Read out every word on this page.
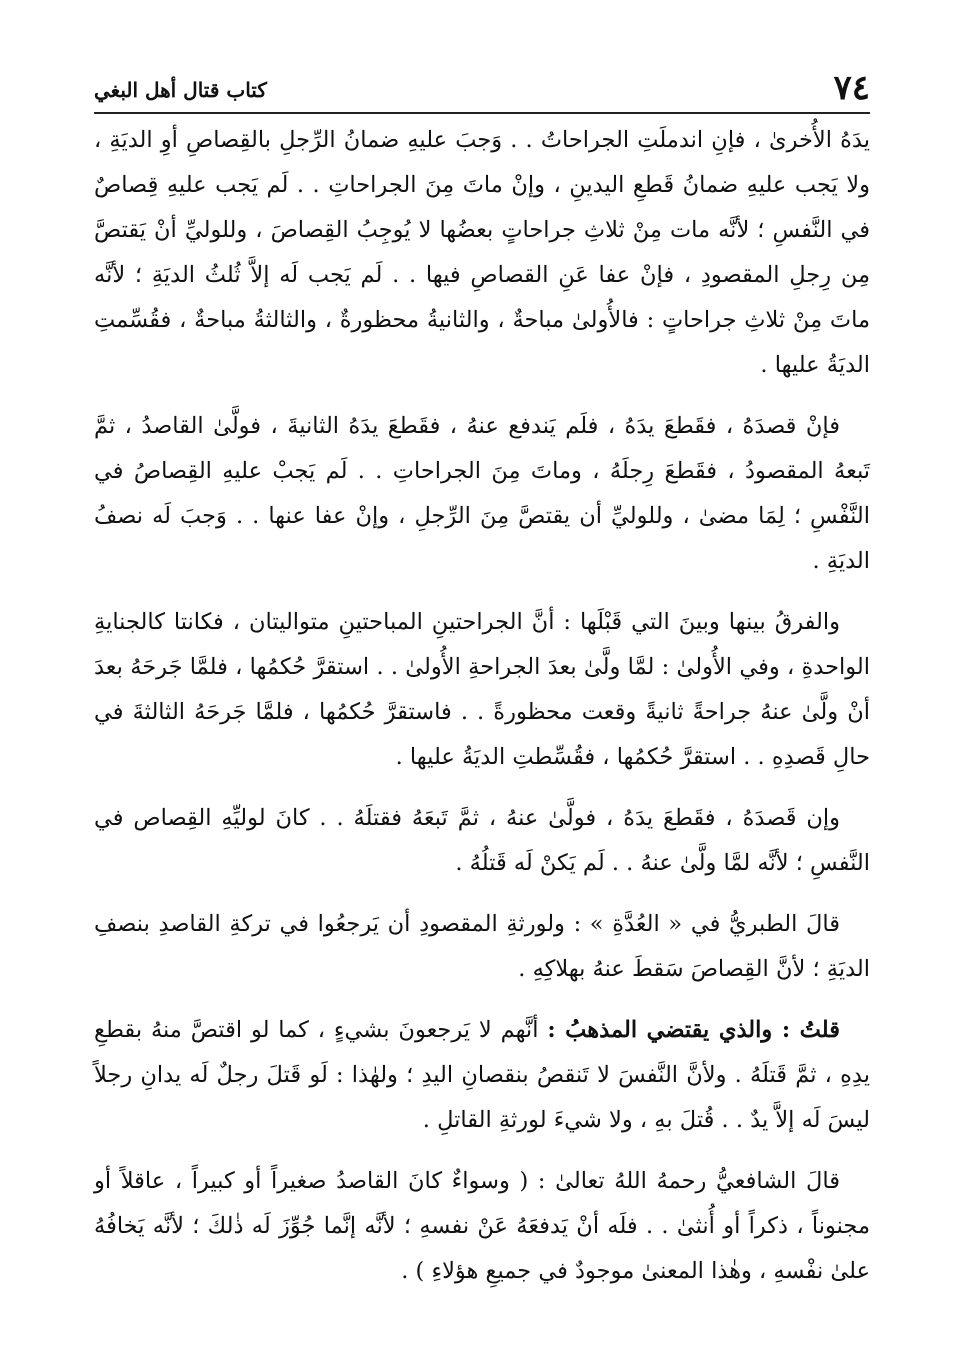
٧٤
كتاب قتال أهل البغي

يدَهُ الأُخرىٰ ، فإنِ اندملَتِ الجراحاتُ . . وَجبَ عليهِ ضمانُ الرِّجلِ بالقِصاصِ أوِ الديَةِ ، ولا يَجب عليهِ ضمانُ قَطعِ اليدينِ ، وإنْ ماتَ مِنَ الجراحاتِ . . لَم يَجب عليهِ قِصاصٌ في النَّفسِ ؛ لأنَّه مات مِنْ ثلاثِ جراحاتٍ بعضُها لا يُوجِبُ القِصاصَ ، وللوليِّ أنْ يَقتصَّ مِن رِجلِ المقصودِ ، فإنْ عفا عَنِ القصاصِ فيها . . لَم يَجب لَه إلاَّ ثُلثُ الديَةِ ؛ لأنَّه ماتَ مِنْ ثلاثِ جراحاتٍ : فالأُولىٰ مباحةٌ ، والثانيةُ محظورةٌ ، والثالثةُ مباحةٌ ، فقُسِّمتِ الديَةُ عليها .

فإنْ قصدَهُ ، فقَطعَ يدَهُ ، فلَم يَندفع عنهُ ، فقَطعَ يدَهُ الثانيةَ ، فولَّىٰ القاصدُ ، ثمَّ تَبعهُ المقصودُ ، فقَطعَ رِجلَهُ ، وماتَ مِنَ الجراحاتِ . . لَم يَجبْ عليهِ القِصاصُ في النَّفْسِ ؛ لِمَا مضىٰ ، وللوليِّ أن يقتصَّ مِنَ الرِّجلِ ، وإنْ عفا عنها . . وَجبَ لَه نصفُ الديَةِ .

والفرقُ بينها وبينَ التي قَبْلَها : أنَّ الجراحتينِ المباحتينِ متواليتان ، فكانتا كالجنايةِ الواحدةِ ، وفي الأُولىٰ : لمَّا ولَّىٰ بعدَ الجراحةِ الأُولىٰ . . استقرَّ حُكمُها ، فلمَّا جَرحَهُ بعدَ أنْ ولَّىٰ عنهُ جراحةً ثانيةً وقعت محظورةً . . فاستقرَّ حُكمُها ، فلمَّا جَرحَهُ الثالثةَ في حالِ قَصدِهِ . . استقرَّ حُكمُها ، فقُسِّطتِ الديَةُ عليها .

وإن قَصدَهُ ، فقَطعَ يدَهُ ، فولَّىٰ عنهُ ، ثمَّ تَبعَهُ فقتلَهُ . . كانَ لوليِّهِ القِصاص في النَّفسِ ؛ لأنَّه لمَّا ولَّىٰ عنهُ . . لَم يَكنْ لَه قَتلُهُ .

قالَ الطبريُّ في « العُدَّةِ » : ولورثةِ المقصودِ أن يَرجعُوا في تركةِ القاصدِ بنصفِ الديَةِ ؛ لأنَّ القِصاصَ سَقطَ عنهُ بهلاكِهِ .

قلتُ : والذي يقتضي المذهبُ : أنَّهم لا يَرجعونَ بشيءٍ ، كما لو اقتصَّ منهُ بقطعِ يدِهِ ، ثمَّ قَتلَهُ . ولأنَّ النَّفسَ لا تَنقصُ بنقصانِ اليدِ ؛ ولهٰذا : لَو قَتلَ رجلٌ لَه يدانِ رجلاً ليسَ لَه إلاَّ يدٌ . . قُتلَ بهِ ، ولا شيءَ لورثةِ القاتلِ .

قالَ الشافعيُّ رحمهُ اللهُ تعالىٰ : ( وسواءٌ كانَ القاصدُ صغيراً أو كبيراً ، عاقلاً أو مجنوناً ، ذكراً أو أُنثىٰ . . فلَه أنْ يَدفعَهُ عَنْ نفسهِ ؛ لأنَّه إنَّما جُوِّزَ لَه ذٰلكَ ؛ لأنَّه يَخافُهُ علىٰ نفْسهِ ، وهٰذا المعنىٰ موجودٌ في جميعِ هؤلاءِ ) .
